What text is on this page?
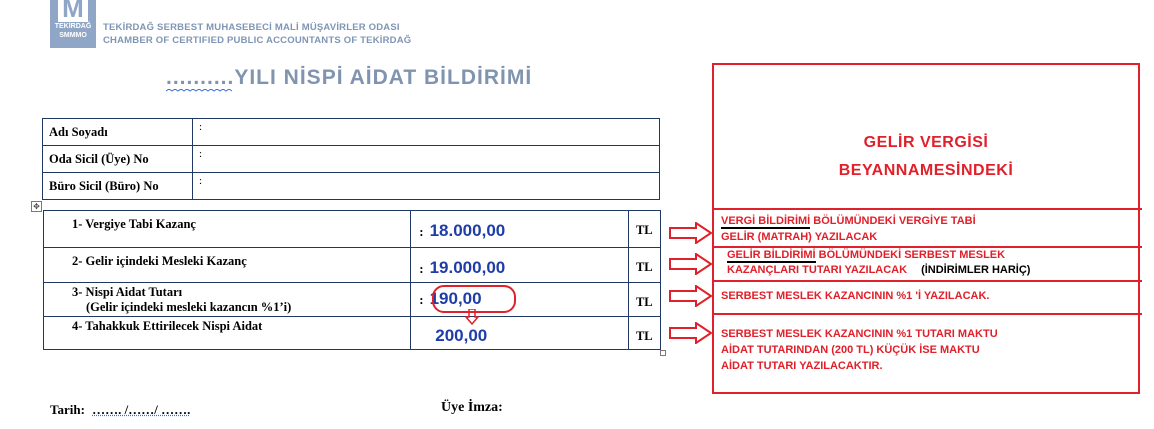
M
TEKİRDAĞ
SMMMO
TEKİRDAĞ SERBEST MUHASEBECİ MALİ MÜŞAVİRLER ODASI
CHAMBER OF CERTIFIED PUBLIC ACCOUNTANTS OF TEKİRDAĞ
..........YILI NİSPİ AİDAT BİLDİRİMİ
Adı Soyadı	:
Oda Sicil (Üye) No	:
Büro Sicil (Büro) No	:
✥
1- Vergiye Tabi Kazanç	: 18.000,00	TL

2- Gelir içindeki Mesleki Kazanç	: 19.000,00	TL

3- Nispi Aidat Tutarı
(Gelir içindeki mesleki kazancın %1’i)	: 190,00	TL

4- Tahakkuk Ettirilecek Nispi Aidat	200,00	TL
GELİR VERGİSİ
BEYANNAMESİNDEKİ
VERGİ BİLDİRİMİ BÖLÜMÜNDEKİ VERGİYE TABİ
GELİR (MATRAH) YAZILACAK
GELİR BİLDİRİMİ BÖLÜMÜNDEKİ SERBEST MESLEK
KAZANÇLARI TUTARI YAZILACAK (İNDİRİMLER HARİÇ)
SERBEST MESLEK KAZANCININ %1 'İ YAZILACAK.
SERBEST MESLEK KAZANCININ %1 TUTARI MAKTU
AİDAT TUTARINDAN (200 TL) KÜÇÜK İSE MAKTU
AİDAT TUTARI YAZILACAKTIR.
Tarih: ……. /……/ …….	Üye İmza:
